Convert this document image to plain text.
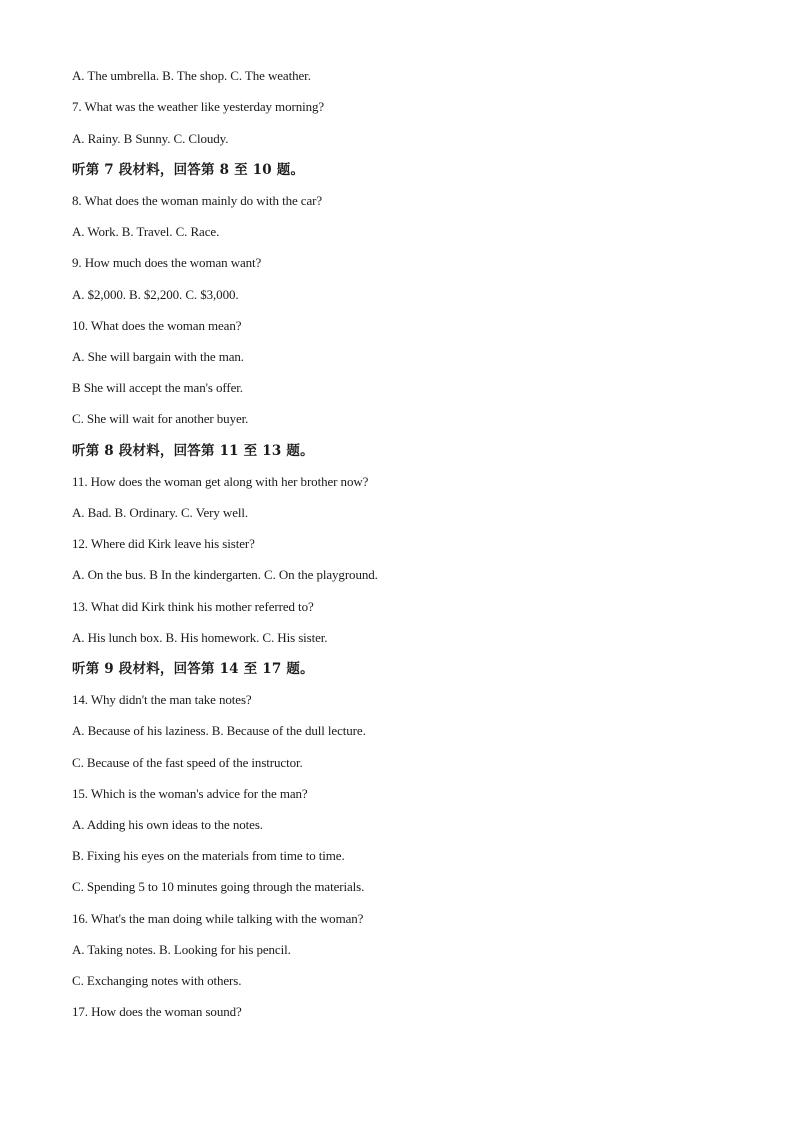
A. The umbrella. B. The shop. C. The weather.
7. What was the weather like yesterday morning?
A. Rainy. B Sunny. C. Cloudy.
听第 7 段材料，回答第 8 至 10 题。
8. What does the woman mainly do with the car?
A. Work. B. Travel. C. Race.
9. How much does the woman want?
A. $2,000. B. $2,200. C. $3,000.
10. What does the woman mean?
A. She will bargain with the man.
B She will accept the man's offer.
C. She will wait for another buyer.
听第 8 段材料，回答第 11 至 13 题。
11. How does the woman get along with her brother now?
A. Bad. B. Ordinary. C. Very well.
12. Where did Kirk leave his sister?
A. On the bus. B In the kindergarten. C. On the playground.
13. What did Kirk think his mother referred to?
A. His lunch box. B. His homework. C. His sister.
听第 9 段材料，回答第 14 至 17 题。
14. Why didn't the man take notes?
A. Because of his laziness. B. Because of the dull lecture.
C. Because of the fast speed of the instructor.
15. Which is the woman's advice for the man?
A. Adding his own ideas to the notes.
B. Fixing his eyes on the materials from time to time.
C. Spending 5 to 10 minutes going through the materials.
16. What's the man doing while talking with the woman?
A. Taking notes. B. Looking for his pencil.
C. Exchanging notes with others.
17. How does the woman sound?
